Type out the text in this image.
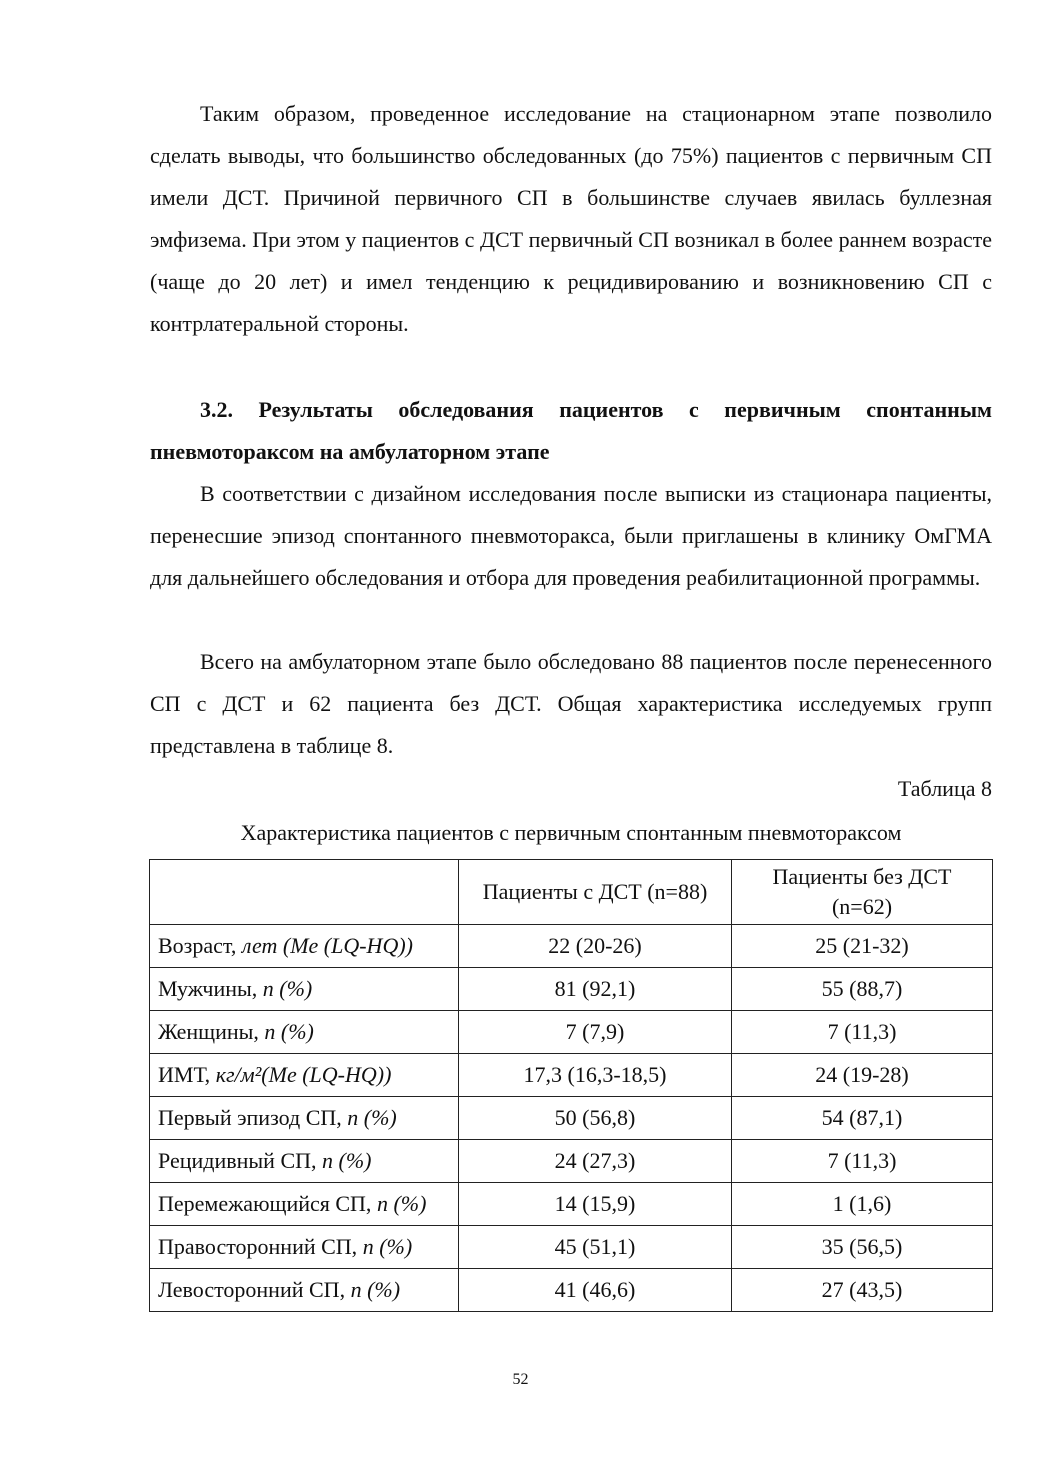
Таким образом, проведенное исследование на стационарном этапе позволило сделать выводы, что большинство обследованных (до 75%) пациентов с первичным СП имели ДСТ. Причиной первичного СП в большинстве случаев явилась буллезная эмфизема. При этом у пациентов с ДСТ первичный СП возникал в более раннем возрасте (чаще до 20 лет) и имел тенденцию к рецидивированию и возникновению СП с контрлатеральной стороны.

3.2. Результаты обследования пациентов с первичным спонтанным пневмотораксом на амбулаторном этапе

В соответствии с дизайном исследования после выписки из стационара пациенты, перенесшие эпизод спонтанного пневмоторакса, были приглашены в клинику ОмГМА для дальнейшего обследования и отбора для проведения реабилитационной программы.

Всего на амбулаторном этапе было обследовано 88 пациентов после перенесенного СП с ДСТ и 62 пациента без ДСТ. Общая характеристика исследуемых групп представлена в таблице 8.

Таблица 8
Характеристика пациентов с первичным спонтанным пневмотораксом
	Пациенты с ДСТ (n=88)	Пациенты без ДСТ (n=62)
Возраст, лет (Me (LQ-HQ))	22 (20-26)	25 (21-32)
Мужчины, n (%)	81 (92,1)	55 (88,7)
Женщины, n (%)	7 (7,9)	7 (11,3)
ИМТ, кг/м²(Me (LQ-HQ))	17,3 (16,3-18,5)	24 (19-28)
Первый эпизод СП, n (%)	50 (56,8)	54 (87,1)
Рецидивный СП, n (%)	24 (27,3)	7 (11,3)
Перемежающийся СП, n (%)	14 (15,9)	1 (1,6)
Правосторонний СП, n (%)	45 (51,1)	35 (56,5)
Левосторонний СП, n (%)	41 (46,6)	27 (43,5)
52
